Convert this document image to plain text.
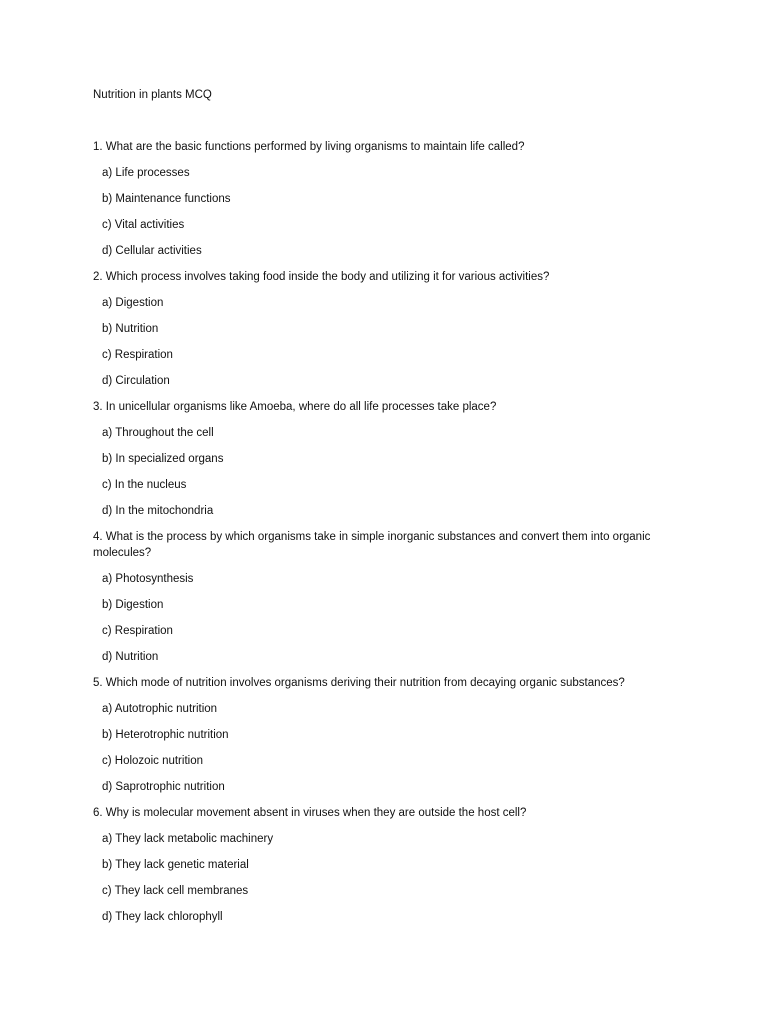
Nutrition in plants MCQ
1. What are the basic functions performed by living organisms to maintain life called?
a) Life processes
b) Maintenance functions
c) Vital activities
d) Cellular activities
2. Which process involves taking food inside the body and utilizing it for various activities?
a) Digestion
b) Nutrition
c) Respiration
d) Circulation
3. In unicellular organisms like Amoeba, where do all life processes take place?
a) Throughout the cell
b) In specialized organs
c) In the nucleus
d) In the mitochondria
4. What is the process by which organisms take in simple inorganic substances and convert them into organic molecules?
a) Photosynthesis
b) Digestion
c) Respiration
d) Nutrition
5. Which mode of nutrition involves organisms deriving their nutrition from decaying organic substances?
a) Autotrophic nutrition
b) Heterotrophic nutrition
c) Holozoic nutrition
d) Saprotrophic nutrition
6. Why is molecular movement absent in viruses when they are outside the host cell?
a) They lack metabolic machinery
b) They lack genetic material
c) They lack cell membranes
d) They lack chlorophyll
